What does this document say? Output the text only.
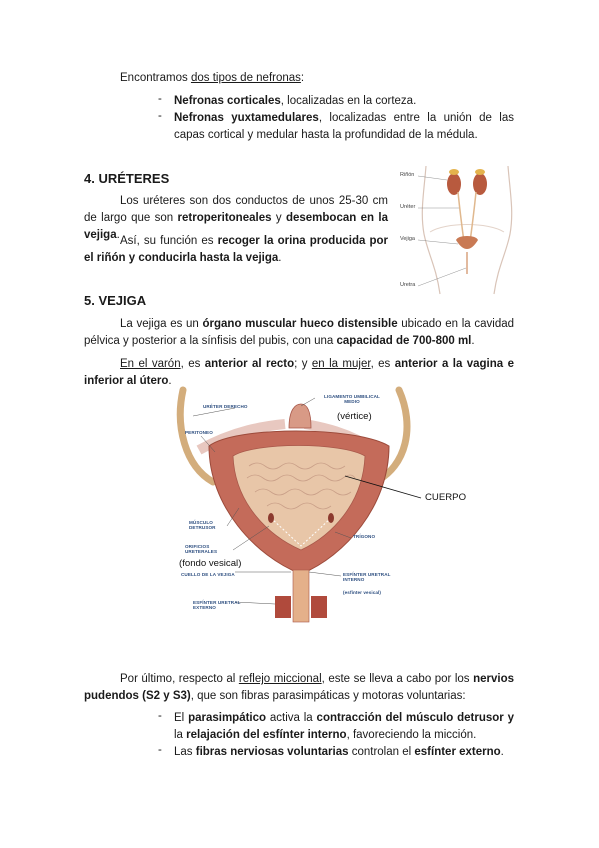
Encontramos dos tipos de nefronas:
-	Nefronas corticales, localizadas en la corteza.
-	Nefronas yuxtamedulares, localizadas entre la unión de las capas cortical y medular hasta la profundidad de la médula.
4. URÉTERES
Los uréteres son dos conductos de unos 25-30 cm de largo que son retroperitoneales y desembocan en la vejiga. Así, su función es recoger la orina producida por el riñón y conducirla hasta la vejiga.
Riñón
Uréter
Vejiga
Uretra
5. VEJIGA
La vejiga es un órgano muscular hueco distensible ubicado en la cavidad pélvica y posterior a la sínfisis del pubis, con una capacidad de 700-800 ml.
En el varón, es anterior al recto; y en la mujer, es anterior a la vagina e inferior al útero.
URÉTER DERECHO
LIGAMENTO UMBILICAL MEDIO
(vértice)
PERITONEO
CUERPO
MÚSCULO DETRUSOR
TRÍGONO
ORIFICIOS URETERALES
(fondo vesical)
CUELLO DE LA VEJIGA	ESFÍNTER URETRAL INTERNO
(esfínter vesical)
ESFÍNTER URETRAL EXTERNO
Por último, respecto al reflejo miccional, este se lleva a cabo por los nervios pudendos (S2 y S3), que son fibras parasimpáticas y motoras voluntarias:
-	El parasimpático activa la contracción del músculo detrusor y la relajación del esfínter interno, favoreciendo la micción.
-	Las fibras nerviosas voluntarias controlan el esfínter externo.
